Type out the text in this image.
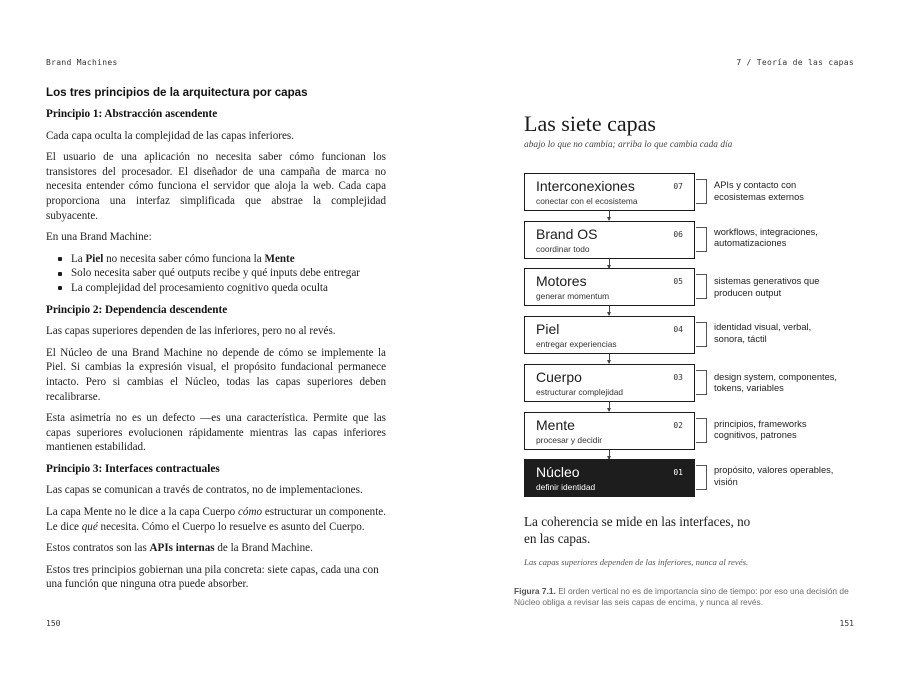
Brand Machines	7 / Teoría de las capas
Los tres principios de la arquitectura por capas
Principio 1: Abstracción ascendente

Cada capa oculta la complejidad de las capas inferiores.

El usuario de una aplicación no necesita saber cómo funcionan los transistores del procesador. El diseñador de una campaña de marca no necesita entender cómo funciona el servidor que aloja la web. Cada capa proporciona una interfaz simplificada que abstrae la complejidad subyacente.

En una Brand Machine:

La Piel no necesita saber cómo funciona la Mente
Solo necesita saber qué outputs recibe y qué inputs debe entregar
La complejidad del procesamiento cognitivo queda oculta
Principio 2: Dependencia descendente

Las capas superiores dependen de las inferiores, pero no al revés.

El Núcleo de una Brand Machine no depende de cómo se implemente la Piel. Si cambias la expresión visual, el propósito fundacional permanece intacto. Pero si cambias el Núcleo, todas las capas superiores deben recalibrarse.

Esta asimetría no es un defecto —es una característica. Permite que las capas superiores evolucionen rápidamente mientras las capas inferiores mantienen estabilidad.

Principio 3: Interfaces contractuales

Las capas se comunican a través de contratos, no de implementaciones.

La capa Mente no le dice a la capa Cuerpo cómo estructurar un componente. Le dice qué necesita. Cómo el Cuerpo lo resuelve es asunto del Cuerpo.

Estos contratos son las APIs internas de la Brand Machine.

Estos tres principios gobiernan una pila concreta: siete capas, cada una con una función que ninguna otra puede absorber.

150
Las siete capas
abajo lo que no cambia; arriba lo que cambia cada día
Interconexiones
conectar con el ecosistema
07	APIs y contacto con ecosistemas externos
Brand OS
coordinar todo
06	workflows, integraciones, automatizaciones
Motores
generar momentum
05	sistemas generativos que producen output
Piel
entregar experiencias
04	identidad visual, verbal, sonora, táctil
Cuerpo
estructurar complejidad
03	design system, componentes, tokens, variables
Mente
procesar y decidir
02	principios, frameworks cognitivos, patrones
Núcleo
definir identidad
01	propósito, valores operables, visión
La coherencia se mide en las interfaces, no en las capas.
Las capas superiores dependen de las inferiores, nunca al revés.
Figura 7.1. El orden vertical no es de importancia sino de tiempo: por eso una decisión de Núcleo obliga a revisar las seis capas de encima, y nunca al revés.
151
